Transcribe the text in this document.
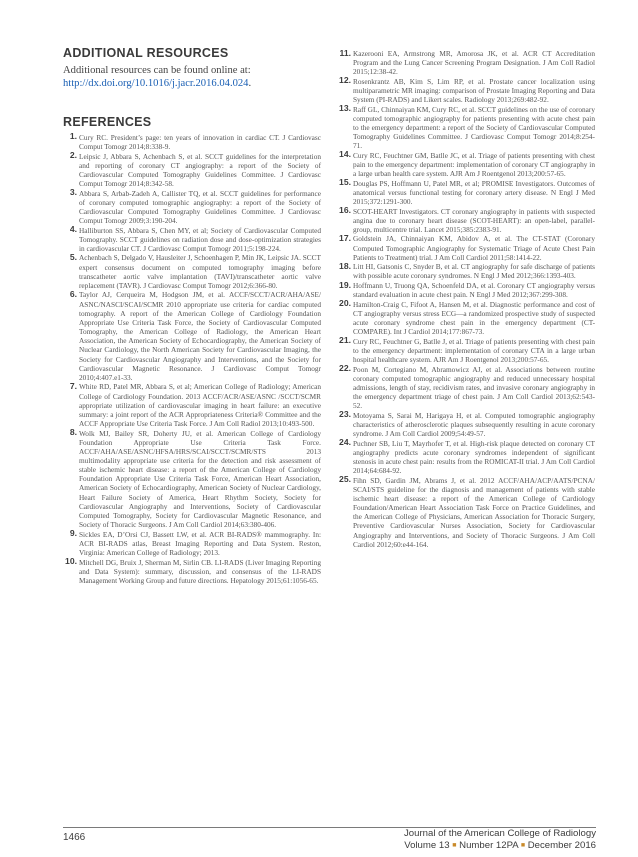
ADDITIONAL RESOURCES

Additional resources can be found online at: http://dx.doi.org/10.1016/j.jacr.2016.04.024.

REFERENCES
1. Cury RC. President’s page: ten years of innovation in cardiac CT. J Cardiovasc Comput Tomogr 2014;8:338-9.
2. Leipsic J, Abbara S, Achenbach S, et al. SCCT guidelines for the interpretation and reporting of coronary CT angiography: a report of the Society of Cardiovascular Computed Tomography Guidelines Committee. J Cardiovasc Comput Tomogr 2014;8:342-58.
3. Abbara S, Arbab-Zadeh A, Callister TQ, et al. SCCT guidelines for performance of coronary computed tomographic angiography: a report of the Society of Cardiovascular Computed Tomography Guidelines Committee. J Cardiovasc Comput Tomogr 2009;3:190-204.
4. Halliburton SS, Abbara S, Chen MY, et al; Society of Cardiovascular Computed Tomography. SCCT guidelines on radiation dose and dose-optimization strategies in cardiovascular CT. J Cardiovasc Comput Tomogr 2011;5:198-224.
5. Achenbach S, Delgado V, Hausleiter J, Schoenhagen P, Min JK, Leipsic JA. SCCT expert consensus document on computed tomography imaging before transcatheter aortic valve implantation (TAVI)/transcatheter aortic valve replacement (TAVR). J Cardiovasc Comput Tomogr 2012;6:366-80.
6. Taylor AJ, Cerqueira M, Hodgson JM, et al. ACCF/SCCT/ACR/AHA/ASE/ ASNC/NASCI/SCAI/SCMR 2010 appropriate use criteria for cardiac computed tomography. A report of the American College of Cardiology Foundation Appropriate Use Criteria Task Force, the Society of Cardiovascular Computed Tomography, the American College of Radiology, the American Heart Association, the American Society of Echocardiography, the American Society of Nuclear Cardiology, the North American Society for Cardiovascular Imaging, the Society for Cardiovascular Angiography and Interventions, and the Society for Cardiovascular Magnetic Resonance. J Cardiovasc Comput Tomogr 2010;4:407.e1-33.
7. White RD, Patel MR, Abbara S, et al; American College of Radiology; American College of Cardiology Foundation. 2013 ACCF/ACR/ASE/ASNC /SCCT/SCMR appropriate utilization of cardiovascular imaging in heart failure: an executive summary: a joint report of the ACR Appropriateness Criteria® Committee and the ACCF Appropriate Use Criteria Task Force. J Am Coll Radiol 2013;10:493-500.
8. Wolk MJ, Bailey SR, Doherty JU, et al. American College of Cardiology Foundation Appropriate Use Criteria Task Force. ACCF/AHA/ASE/ASNC/HFSA/HRS/SCAI/SCCT/SCMR/STS 2013 multimodality appropriate use criteria for the detection and risk assessment of stable ischemic heart disease: a report of the American College of Cardiology Foundation Appropriate Use Criteria Task Force, American Heart Association, American Society of Echocardiography, American Society of Nuclear Cardiology, Heart Failure Society of America, Heart Rhythm Society, Society for Cardiovascular Angiography and Interventions, Society of Cardiovascular Computed Tomography, Society for Cardiovascular Magnetic Resonance, and Society of Thoracic Surgeons. J Am Coll Cardiol 2014;63:380-406.
9. Sickles EA, D’Orsi CJ, Bassett LW, et al. ACR BI-RADS® mammography. In: ACR BI-RADS atlas, Breast Imaging Reporting and Data System. Reston, Virginia: American College of Radiology; 2013.
10. Mitchell DG, Bruix J, Sherman M, Sirlin CB. LI-RADS (Liver Imaging Reporting and Data System): summary, discussion, and consensus of the LI-RADS Management Working Group and future directions. Hepatology 2015;61:1056-65.
11. Kazerooni EA, Armstrong MR, Amorosa JK, et al. ACR CT Accreditation Program and the Lung Cancer Screening Program Designation. J Am Coll Radiol 2015;12:38-42.
12. Rosenkrantz AB, Kim S, Lim RP, et al. Prostate cancer localization using multiparametric MR imaging: comparison of Prostate Imaging Reporting and Data System (PI-RADS) and Likert scales. Radiology 2013;269:482-92.
13. Raff GL, Chinnaiyan KM, Cury RC, et al. SCCT guidelines on the use of coronary computed tomographic angiography for patients presenting with acute chest pain to the emergency department: a report of the Society of Cardiovascular Computed Tomography Guidelines Committee. J Cardiovasc Comput Tomogr 2014;8:254-71.
14. Cury RC, Feuchtner GM, Batlle JC, et al. Triage of patients presenting with chest pain to the emergency department: implementation of coronary CT angiography in a large urban health care system. AJR Am J Roentgenol 2013;200:57-65.
15. Douglas PS, Hoffmann U, Patel MR, et al; PROMISE Investigators. Outcomes of anatomical versus functional testing for coronary artery disease. N Engl J Med 2015;372:1291-300.
16. SCOT-HEART Investigators. CT coronary angiography in patients with suspected angina due to coronary heart disease (SCOT-HEART): an open-label, parallel-group, multicentre trial. Lancet 2015;385:2383-91.
17. Goldstein JA, Chinnaiyan KM, Abidov A, et al. The CT-STAT (Coronary Computed Tomographic Angiography for Systematic Triage of Acute Chest Pain Patients to Treatment) trial. J Am Coll Cardiol 2011;58:1414-22.
18. Litt HI, Gatsonis C, Snyder B, et al. CT angiography for safe discharge of patients with possible acute coronary syndromes. N Engl J Med 2012;366:1393-403.
19. Hoffmann U, Truong QA, Schoenfeld DA, et al. Coronary CT angiography versus standard evaluation in acute chest pain. N Engl J Med 2012;367:299-308.
20. Hamilton-Craig C, Fifoot A, Hansen M, et al. Diagnostic performance and cost of CT angiography versus stress ECG—a randomized prospective study of suspected acute coronary syndrome chest pain in the emergency department (CT-COMPARE). Int J Cardiol 2014;177:867-73.
21. Cury RC, Feuchtner G, Batlle J, et al. Triage of patients presenting with chest pain to the emergency department: implementation of coronary CTA in a large urban hospital healthcare system. AJR Am J Roentgenol 2013;200:57-65.
22. Poon M, Cortegiano M, Abramowicz AJ, et al. Associations between routine coronary computed tomographic angiography and reduced unnecessary hospital admissions, length of stay, recidivism rates, and invasive coronary angiography in the emergency department triage of chest pain. J Am Coll Cardiol 2013;62:543-52.
23. Motoyama S, Sarai M, Harigaya H, et al. Computed tomographic angiography characteristics of atherosclerotic plaques subsequently resulting in acute coronary syndrome. J Am Coll Cardiol 2009;54:49-57.
24. Puchner SB, Liu T, Mayrhofer T, et al. High-risk plaque detected on coronary CT angiography predicts acute coronary syndromes independent of significant stenosis in acute chest pain: results from the ROMICAT-II trial. J Am Coll Cardiol 2014;64:684-92.
25. Fihn SD, Gardin JM, Abrams J, et al. 2012 ACCF/AHA/ACP/AATS/PCNA/ SCAI/STS guideline for the diagnosis and management of patients with stable ischemic heart disease: a report of the American College of Cardiology Foundation/American Heart Association Task Force on Practice Guidelines, and the American College of Physicians, American Association for Thoracic Surgery, Preventive Cardiovascular Nurses Association, Society for Cardiovascular Angiography and Interventions, and Society of Thoracic Surgeons. J Am Coll Cardiol 2012;60:e44-164.
1466	Journal of the American College of Radiology
Volume 13 ■ Number 12PA ■ December 2016
